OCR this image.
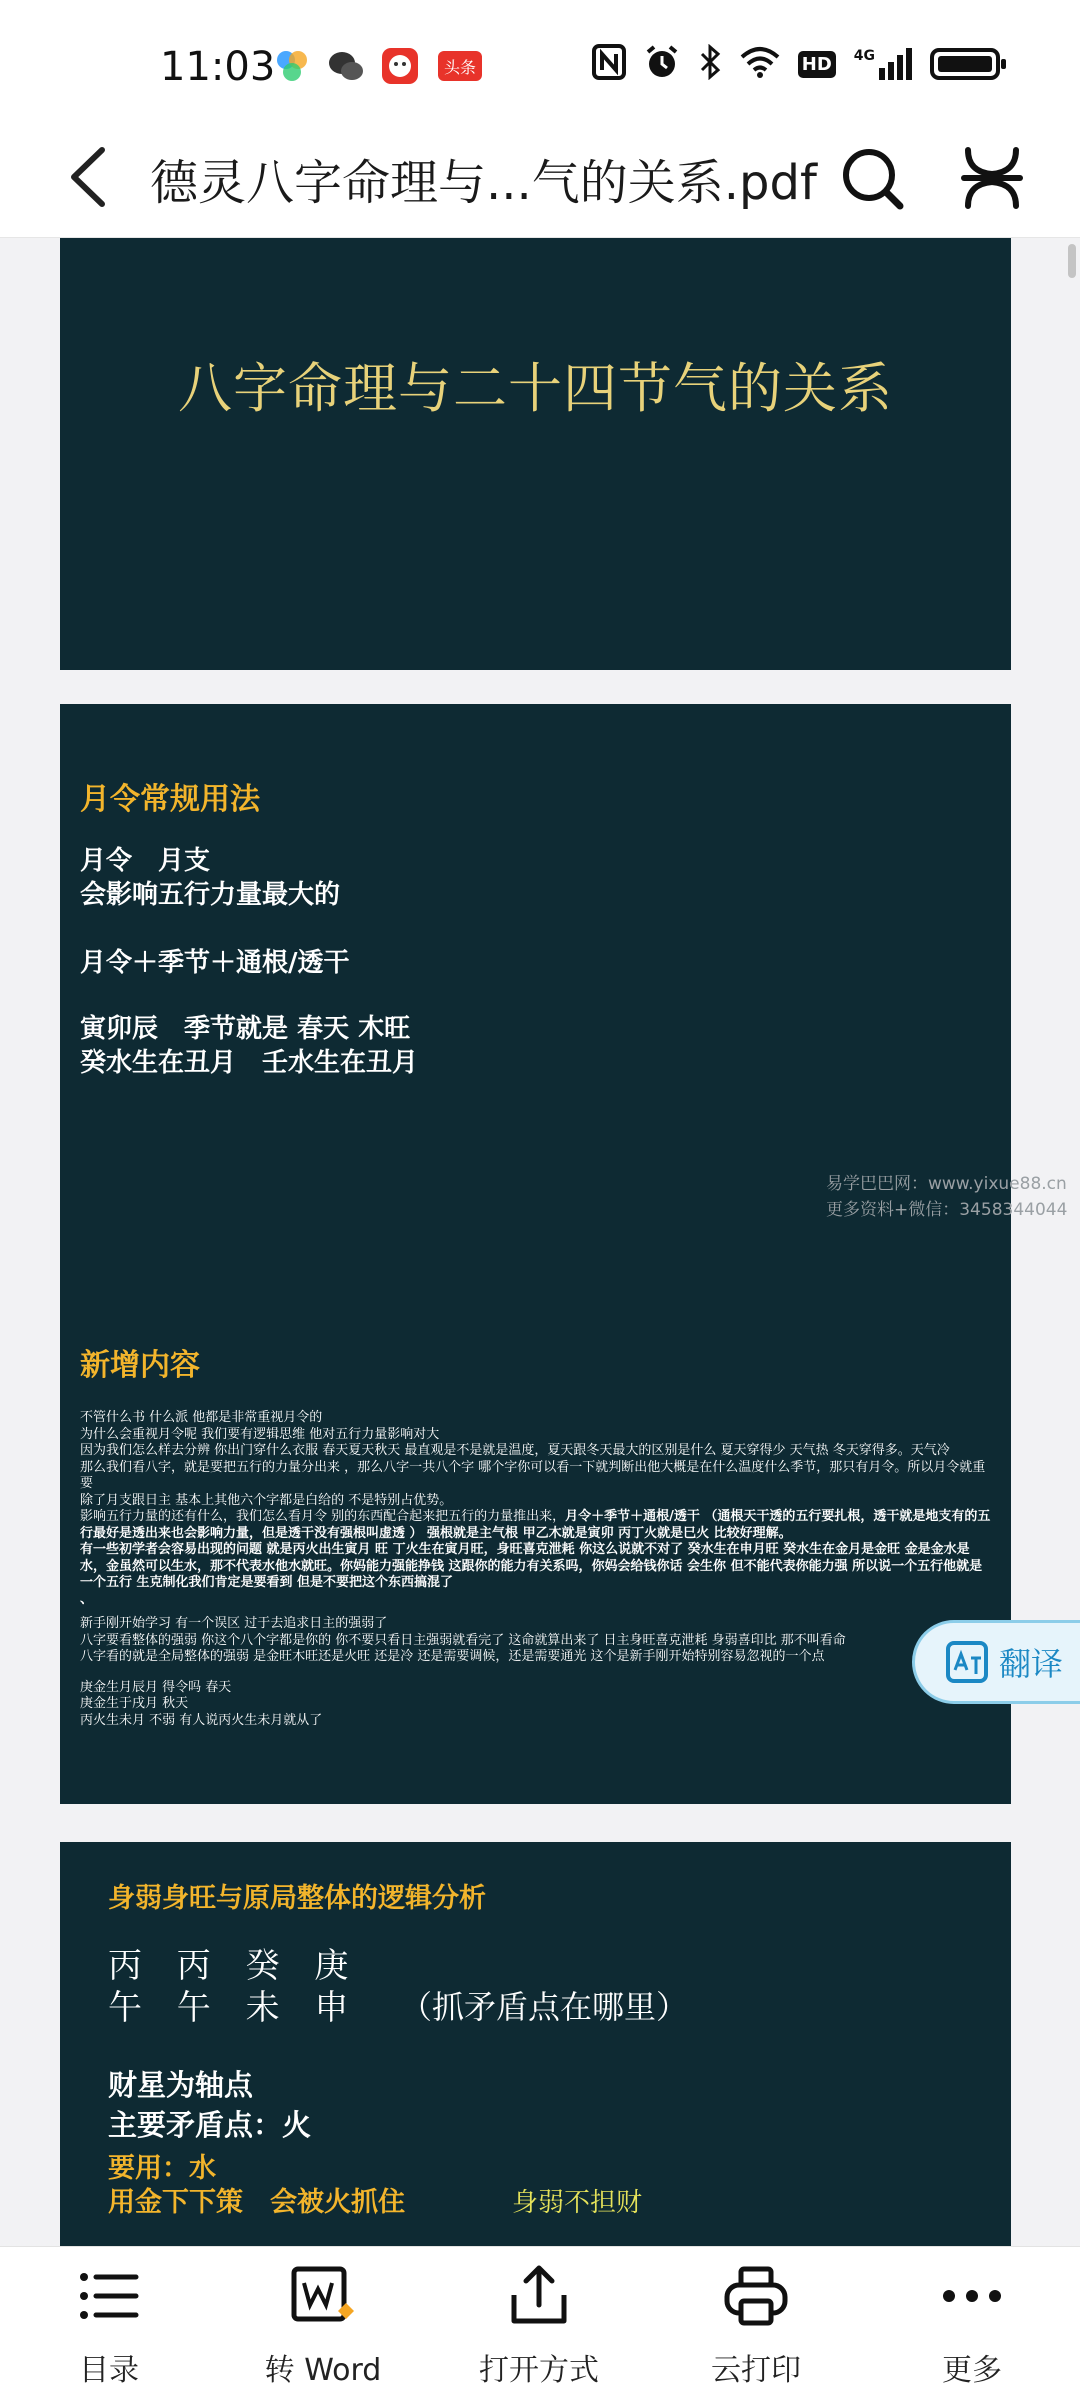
11:03	头条	HD 4G
德灵八字命理与...气的关系.pdf
八字命理与二十四节气的关系
月令常规用法
月令　月支
会影响五行力量最大的
月令＋季节＋通根/透干
寅卯辰　季节就是 春天 木旺
癸水生在丑月　壬水生在丑月
易学巴巴网：www.yixue88.cn
更多资料+微信：3458344044
新增内容
不管什么书 什么派 他都是非常重视月令的
为什么会重视月令呢 我们要有逻辑思维 他对五行力量影响对大
因为我们怎么样去分辨 你出门穿什么衣服 春天夏天秋天 最直观是不是就是温度，夏天跟冬天最大的区别是什么 夏天穿得少 天气热 冬天穿得多。天气冷
那么我们看八字，就是要把五行的力量分出来 ，那么八字一共八个字 哪个字你可以看一下就判断出他大概是在什么温度什么季节，那只有月令。所以月令就重要
除了月支跟日主 基本上其他六个字都是白给的 不是特别占优势。
影响五行力量的还有什么，我们怎么看月令 别的东西配合起来把五行的力量推出来，月令＋季节＋通根/透干 （通根天干透的五行要扎根，透干就是地支有的五行最好是透出来也会影响力量，但是透干没有强根叫虚透 ） 强根就是主气根 甲乙木就是寅卯 丙丁火就是巳火 比较好理解。
有一些初学者会容易出现的问题 就是丙火出生寅月 旺 丁火生在寅月旺，身旺喜克泄耗 你这么说就不对了 癸水生在申月旺 癸水生在金月是金旺 金是金水是水，金虽然可以生水，那不代表水他水就旺。你妈能力强能挣钱 这跟你的能力有关系吗，你妈会给钱你话 会生你 但不能代表你能力强 所以说一个五行他就是一个五行 生克制化我们肯定是要看到 但是不要把这个东西搞混了
、
新手刚开始学习 有一个误区 过于去追求日主的强弱了
八字要看整体的强弱 你这个八个字都是你的 你不要只看日主强弱就看完了 这命就算出来了 日主身旺喜克泄耗 身弱喜印比 那不叫看命
八字看的就是全局整体的强弱 是金旺木旺还是火旺 还是冷 还是需要调候，还是需要通光 这个是新手刚开始特别容易忽视的一个点
庚金生月辰月 得令吗 春天
庚金生于戌月 秋天
丙火生未月 不弱 有人说丙火生未月就从了
身弱身旺与原局整体的逻辑分析
丙 丙 癸 庚
午 午 未 申 （抓矛盾点在哪里）
财星为轴点
主要矛盾点：火
要用：水
用金下下策　会被火抓住	身弱不担财
翻译
目录	转 Word	打开方式	云打印	更多
